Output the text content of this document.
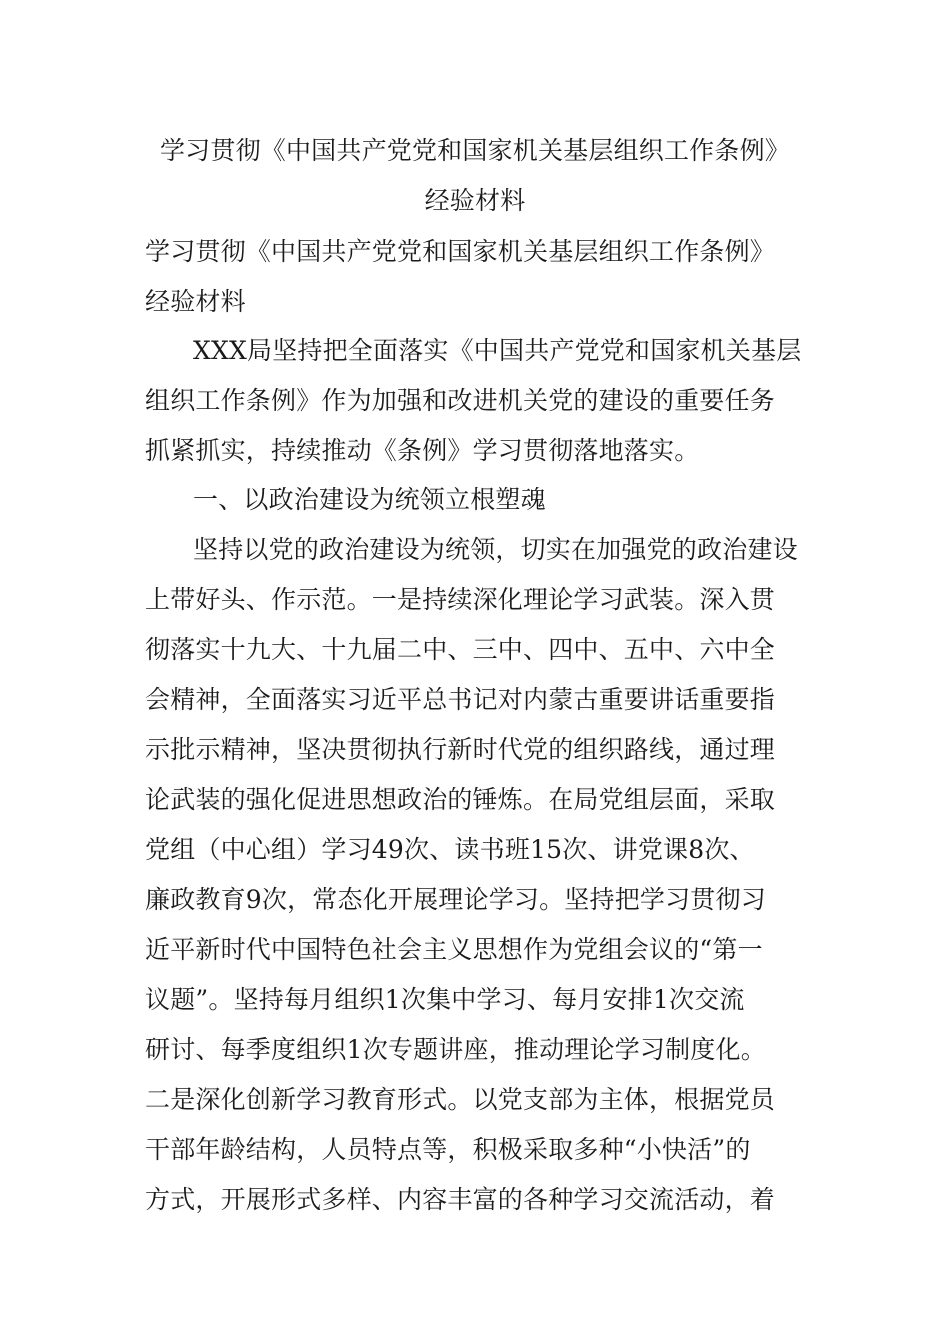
学习贯彻《中国共产党党和国家机关基层组织工作条例》
经验材料
学习贯彻《中国共产党党和国家机关基层组织工作条例》
经验材料
XXX局坚持把全面落实《中国共产党党和国家机关基层
组织工作条例》作为加强和改进机关党的建设的重要任务
抓紧抓实，持续推动《条例》学习贯彻落地落实。
一、以政治建设为统领立根塑魂
坚持以党的政治建设为统领，切实在加强党的政治建设
上带好头、作示范。一是持续深化理论学习武装。深入贯
彻落实十九大、十九届二中、三中、四中、五中、六中全
会精神，全面落实习近平总书记对内蒙古重要讲话重要指
示批示精神，坚决贯彻执行新时代党的组织路线，通过理
论武装的强化促进思想政治的锤炼。在局党组层面，采取
党组（中心组）学习49次、读书班15次、讲党课8次、
廉政教育9次，常态化开展理论学习。坚持把学习贯彻习
近平新时代中国特色社会主义思想作为党组会议的“第一
议题”。坚持每月组织1次集中学习、每月安排1次交流
研讨、每季度组织1次专题讲座，推动理论学习制度化。
二是深化创新学习教育形式。以党支部为主体，根据党员
干部年龄结构，人员特点等，积极采取多种“小快活”的
方式，开展形式多样、内容丰富的各种学习交流活动，着
